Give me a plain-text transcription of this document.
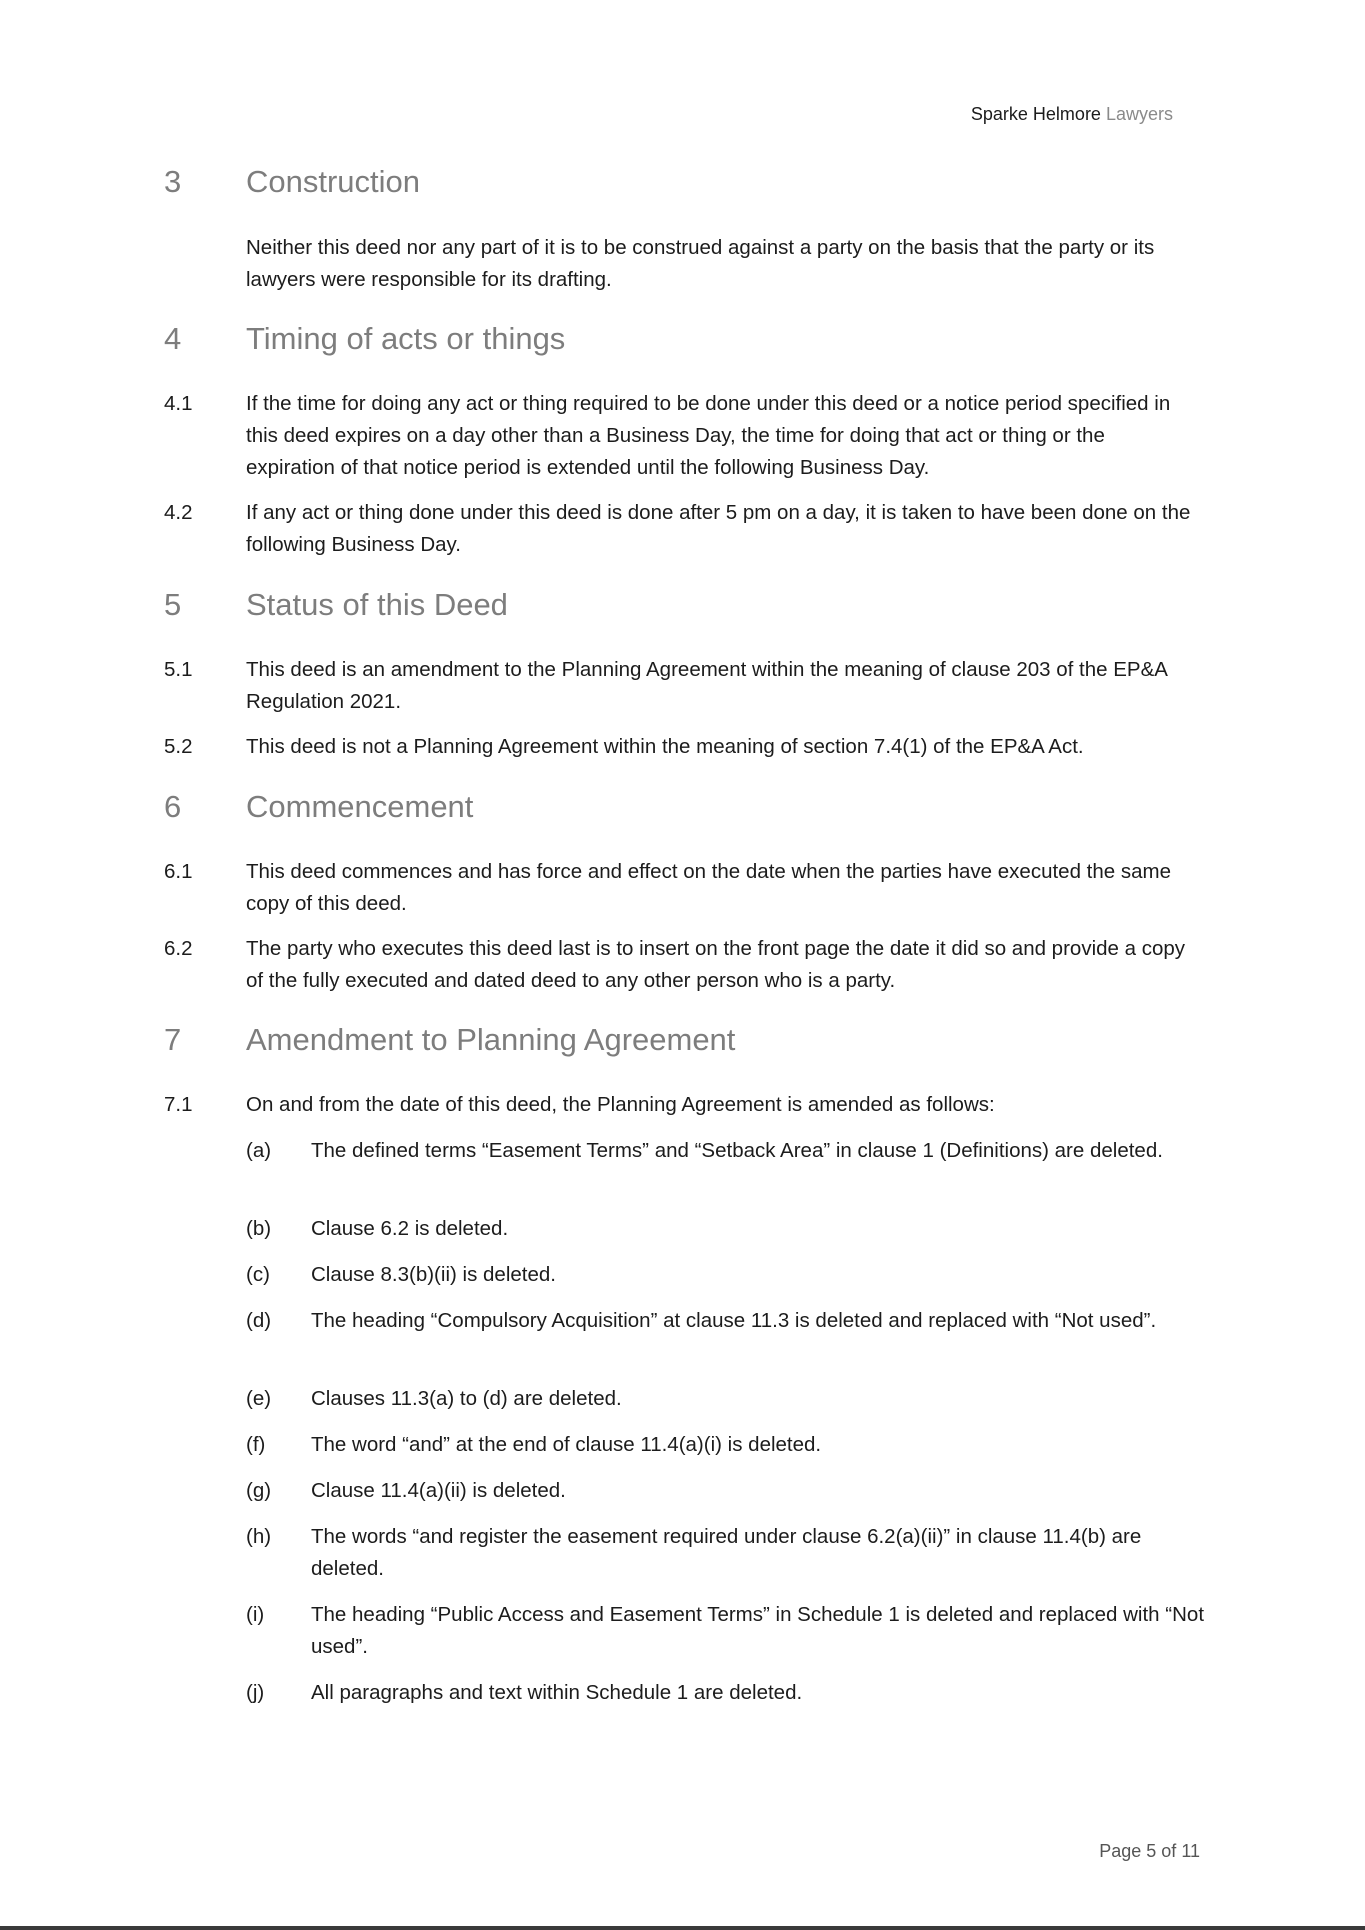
Sparke Helmore Lawyers
3	Construction
Neither this deed nor any part of it is to be construed against a party on the basis that the party or its lawyers were responsible for its drafting.
4	Timing of acts or things
4.1	If the time for doing any act or thing required to be done under this deed or a notice period specified in this deed expires on a day other than a Business Day, the time for doing that act or thing or the expiration of that notice period is extended until the following Business Day.
4.2	If any act or thing done under this deed is done after 5 pm on a day, it is taken to have been done on the following Business Day.
5	Status of this Deed
5.1	This deed is an amendment to the Planning Agreement within the meaning of clause 203 of the EP&A Regulation 2021.
5.2	This deed is not a Planning Agreement within the meaning of section 7.4(1) of the EP&A Act.
6	Commencement
6.1	This deed commences and has force and effect on the date when the parties have executed the same copy of this deed.
6.2	The party who executes this deed last is to insert on the front page the date it did so and provide a copy of the fully executed and dated deed to any other person who is a party.
7	Amendment to Planning Agreement
7.1	On and from the date of this deed, the Planning Agreement is amended as follows:
(a)	The defined terms “Easement Terms” and “Setback Area” in clause 1 (Definitions) are deleted.
(b)	Clause 6.2 is deleted.
(c)	Clause 8.3(b)(ii) is deleted.
(d)	The heading “Compulsory Acquisition” at clause 11.3 is deleted and replaced with “Not used”.
(e)	Clauses 11.3(a) to (d) are deleted.
(f)	The word “and” at the end of clause 11.4(a)(i) is deleted.
(g)	Clause 11.4(a)(ii) is deleted.
(h)	The words “and register the easement required under clause 6.2(a)(ii)” in clause 11.4(b) are deleted.
(i)	The heading “Public Access and Easement Terms” in Schedule 1 is deleted and replaced with “Not used”.
(j)	All paragraphs and text within Schedule 1 are deleted.
Page 5 of 11
